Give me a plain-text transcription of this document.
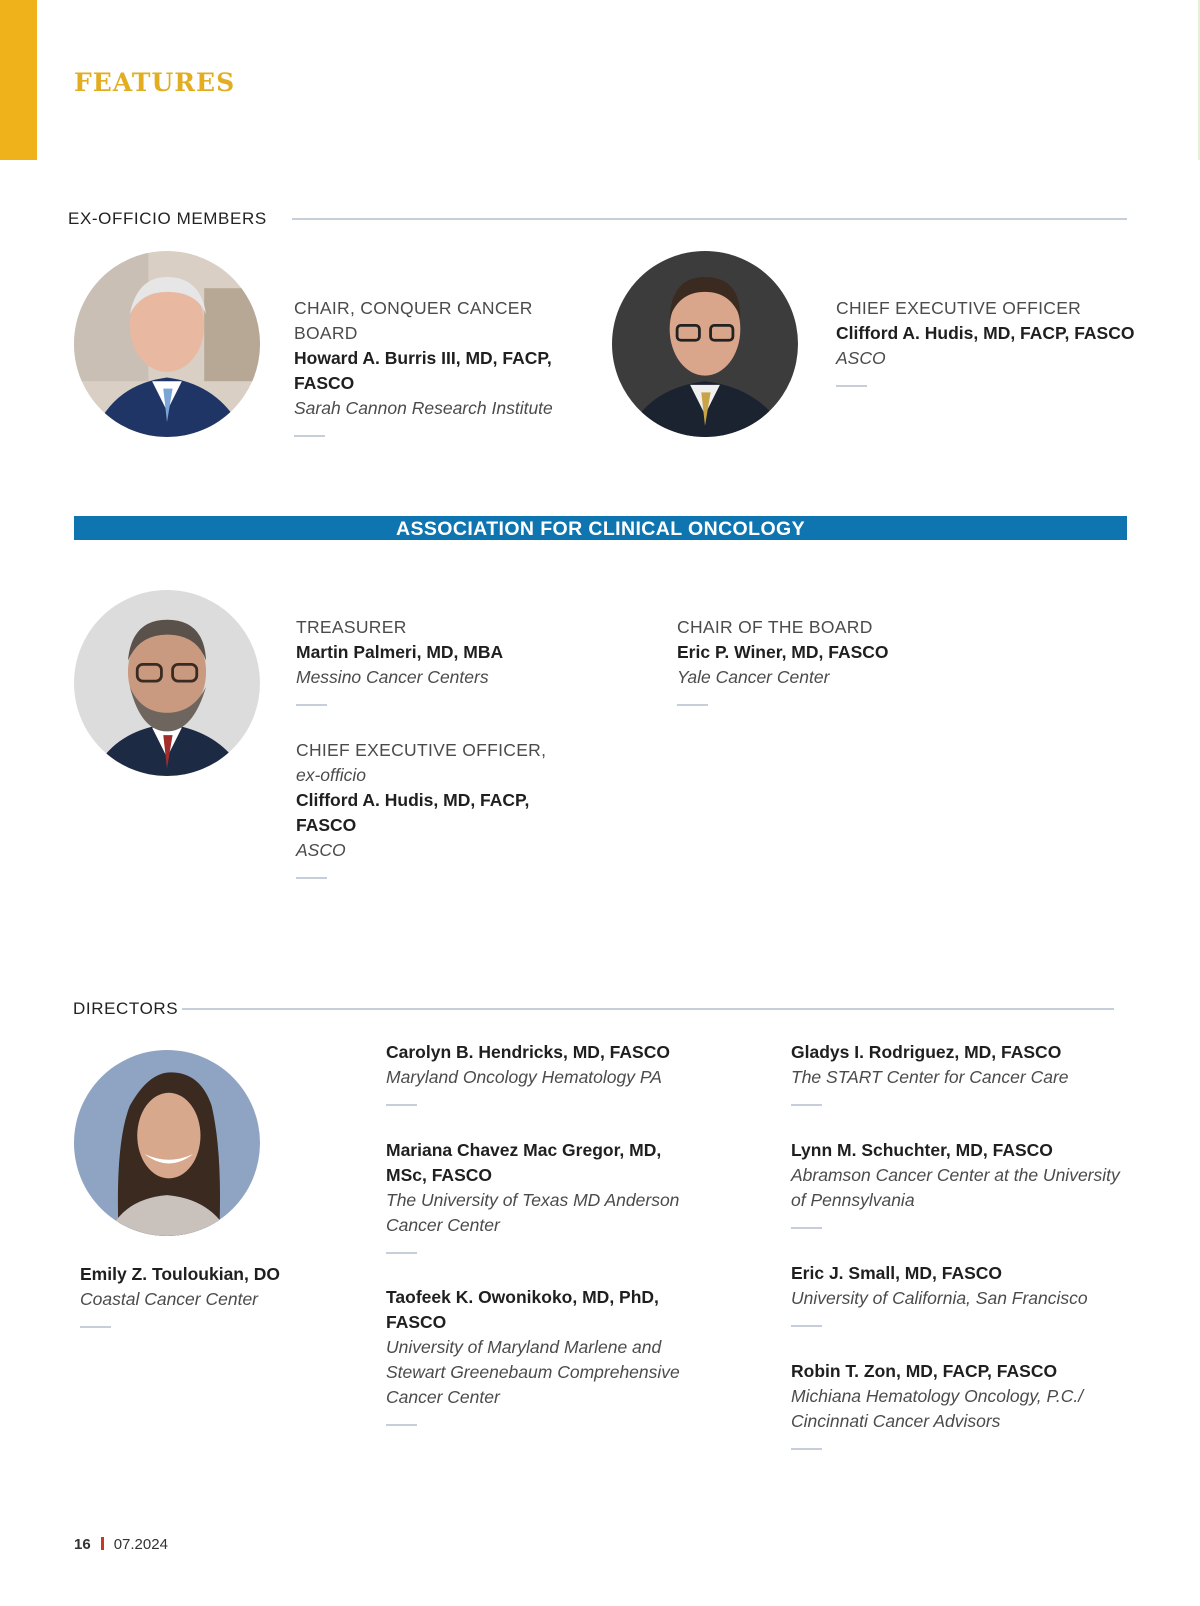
FEATURES
EX-OFFICIO MEMBERS
CHAIR, CONQUER CANCER BOARD
Howard A. Burris III, MD, FACP, FASCO
Sarah Cannon Research Institute
CHIEF EXECUTIVE OFFICER
Clifford A. Hudis, MD, FACP, FASCO
ASCO
ASSOCIATION FOR CLINICAL ONCOLOGY
TREASURER
Martin Palmeri, MD, MBA
Messino Cancer Centers
CHAIR OF THE BOARD
Eric P. Winer, MD, FASCO
Yale Cancer Center
CHIEF EXECUTIVE OFFICER,
ex-officio
Clifford A. Hudis, MD, FACP, FASCO
ASCO
DIRECTORS
Emily Z. Touloukian, DO
Coastal Cancer Center
Carolyn B. Hendricks, MD, FASCO
Maryland Oncology Hematology PA
Mariana Chavez Mac Gregor, MD, MSc, FASCO
The University of Texas MD Anderson Cancer Center
Taofeek K. Owonikoko, MD, PhD, FASCO
University of Maryland Marlene and Stewart Greenebaum Comprehensive Cancer Center
Gladys I. Rodriguez, MD, FASCO
The START Center for Cancer Care
Lynn M. Schuchter, MD, FASCO
Abramson Cancer Center at the University of Pennsylvania
Eric J. Small, MD, FASCO
University of California, San Francisco
Robin T. Zon, MD, FACP, FASCO
Michiana Hematology Oncology, P.C./ Cincinnati Cancer Advisors
16 07.2024
